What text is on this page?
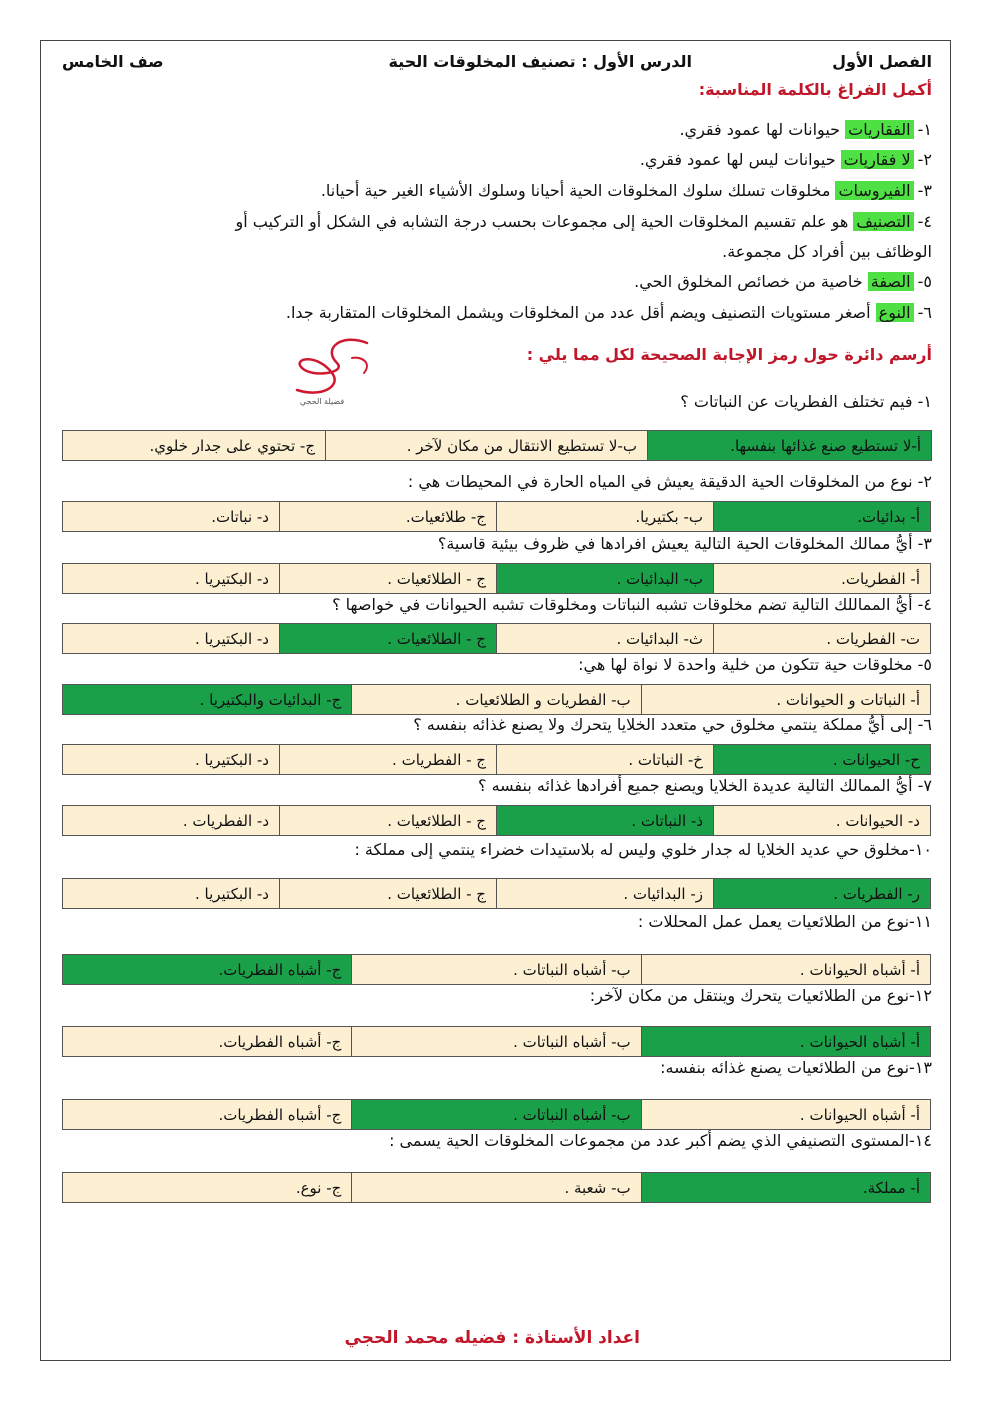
الفصل الأول
الدرس الأول : تصنيف المخلوقات الحية
صف الخامس
أكمل الفراغ بالكلمة المناسبة:
١-الفقاريات حيوانات لها عمود فقري.
٢-لا فقاريات حيوانات ليس لها عمود فقري.
٣-الفيروسات مخلوقات تسلك سلوك المخلوقات الحية أحيانا وسلوك الأشياء الغير حية أحيانا.
٤-التصنيف هو علم تقسيم المخلوقات الحية إلى مجموعات بحسب درجة التشابه في الشكل أو التركيب أو
الوظائف بين أفراد كل مجموعة.
٥-الصفة خاصية من خصائص المخلوق الحي.
٦-النوع أصغر مستويات التصنيف ويضم أقل عدد من المخلوقات ويشمل المخلوقات المتقاربة جدا.
أرسم دائرة حول رمز الإجابة الصحيحة لكل مما يلي :
فضيلة الحجي	١- فيم تختلف الفطريات عن النباتات ؟
أ-لا تستطيع صنع غذائها بنفسها.	ب-لا تستطيع الانتقال من مكان لآخر .	ج- تحتوي على جدار خلوي.
٢- نوع من المخلوقات الحية الدقيقة يعيش في المياه الحارة في المحيطات هي :
أ- بدائيات.	ب- بكتيريا.	ج- طلائعيات.	د- نباتات.
٣- أيُّ ممالك المخلوقات الحية التالية يعيش افرادها في ظروف بيئية قاسية؟
أ- الفطريات.	ب- البدائيات .	ج - الطلائعيات .	د- البكتيريا .
٤- أيُّ المماللك التالية تضم مخلوقات تشبه النباتات ومخلوقات تشبه الحيوانات في خواصها ؟
ت- الفطريات .	ث- البدائيات .	ج - الطلائعيات .	د- البكتيريا .
٥- مخلوقات حية تتكون من خلية واحدة لا نواة لها هي:
أ- النباتات و الحيوانات .	ب- الفطريات و الطلائعيات .	ج- البدائيات والبكتيريا .
٦- إلى أيُّ مملكة ينتمي مخلوق حي متعدد الخلايا يتحرك ولا يصنع غذائه بنفسه ؟
ح- الحيوانات .	خ- النباتات .	ج - الفطريات .	د- البكتيريا .
٧- أيُّ الممالك التالية عديدة الخلايا ويصنع جميع أفرادها غذائه بنفسه ؟
د- الحيوانات .	ذ- النباتات .	ج - الطلائعيات .	د- الفطريات .
١٠-مخلوق حي عديد الخلايا له جدار خلوي وليس له بلاستيدات خضراء ينتمي إلى مملكة :
ر- الفطريات .	ز- البدائيات .	ج - الطلائعيات .	د- البكتيريا .
١١-نوع من الطلائعيات يعمل عمل المحللات :
أ- أشباه الحيوانات .	ب- أشباه النباتات .	ج- أشباه الفطريات.
١٢-نوع من الطلائعيات يتحرك وينتقل من مكان لآخر:
أ- أشباه الحيوانات .	ب- أشباه النباتات .	ج- أشباه الفطريات.
١٣-نوع من الطلائعيات يصنع غذائه بنفسه:
أ- أشباه الحيوانات .	ب- أشباه النباتات .	ج- أشباه الفطريات.
١٤-المستوى التصنيفي الذي يضم أكبر عدد من مجموعات المخلوقات الحية يسمى :
أ- مملكة.	ب- شعبة .	ج- نوع.
اعداد الأستاذة : فضيله محمد الحجي
